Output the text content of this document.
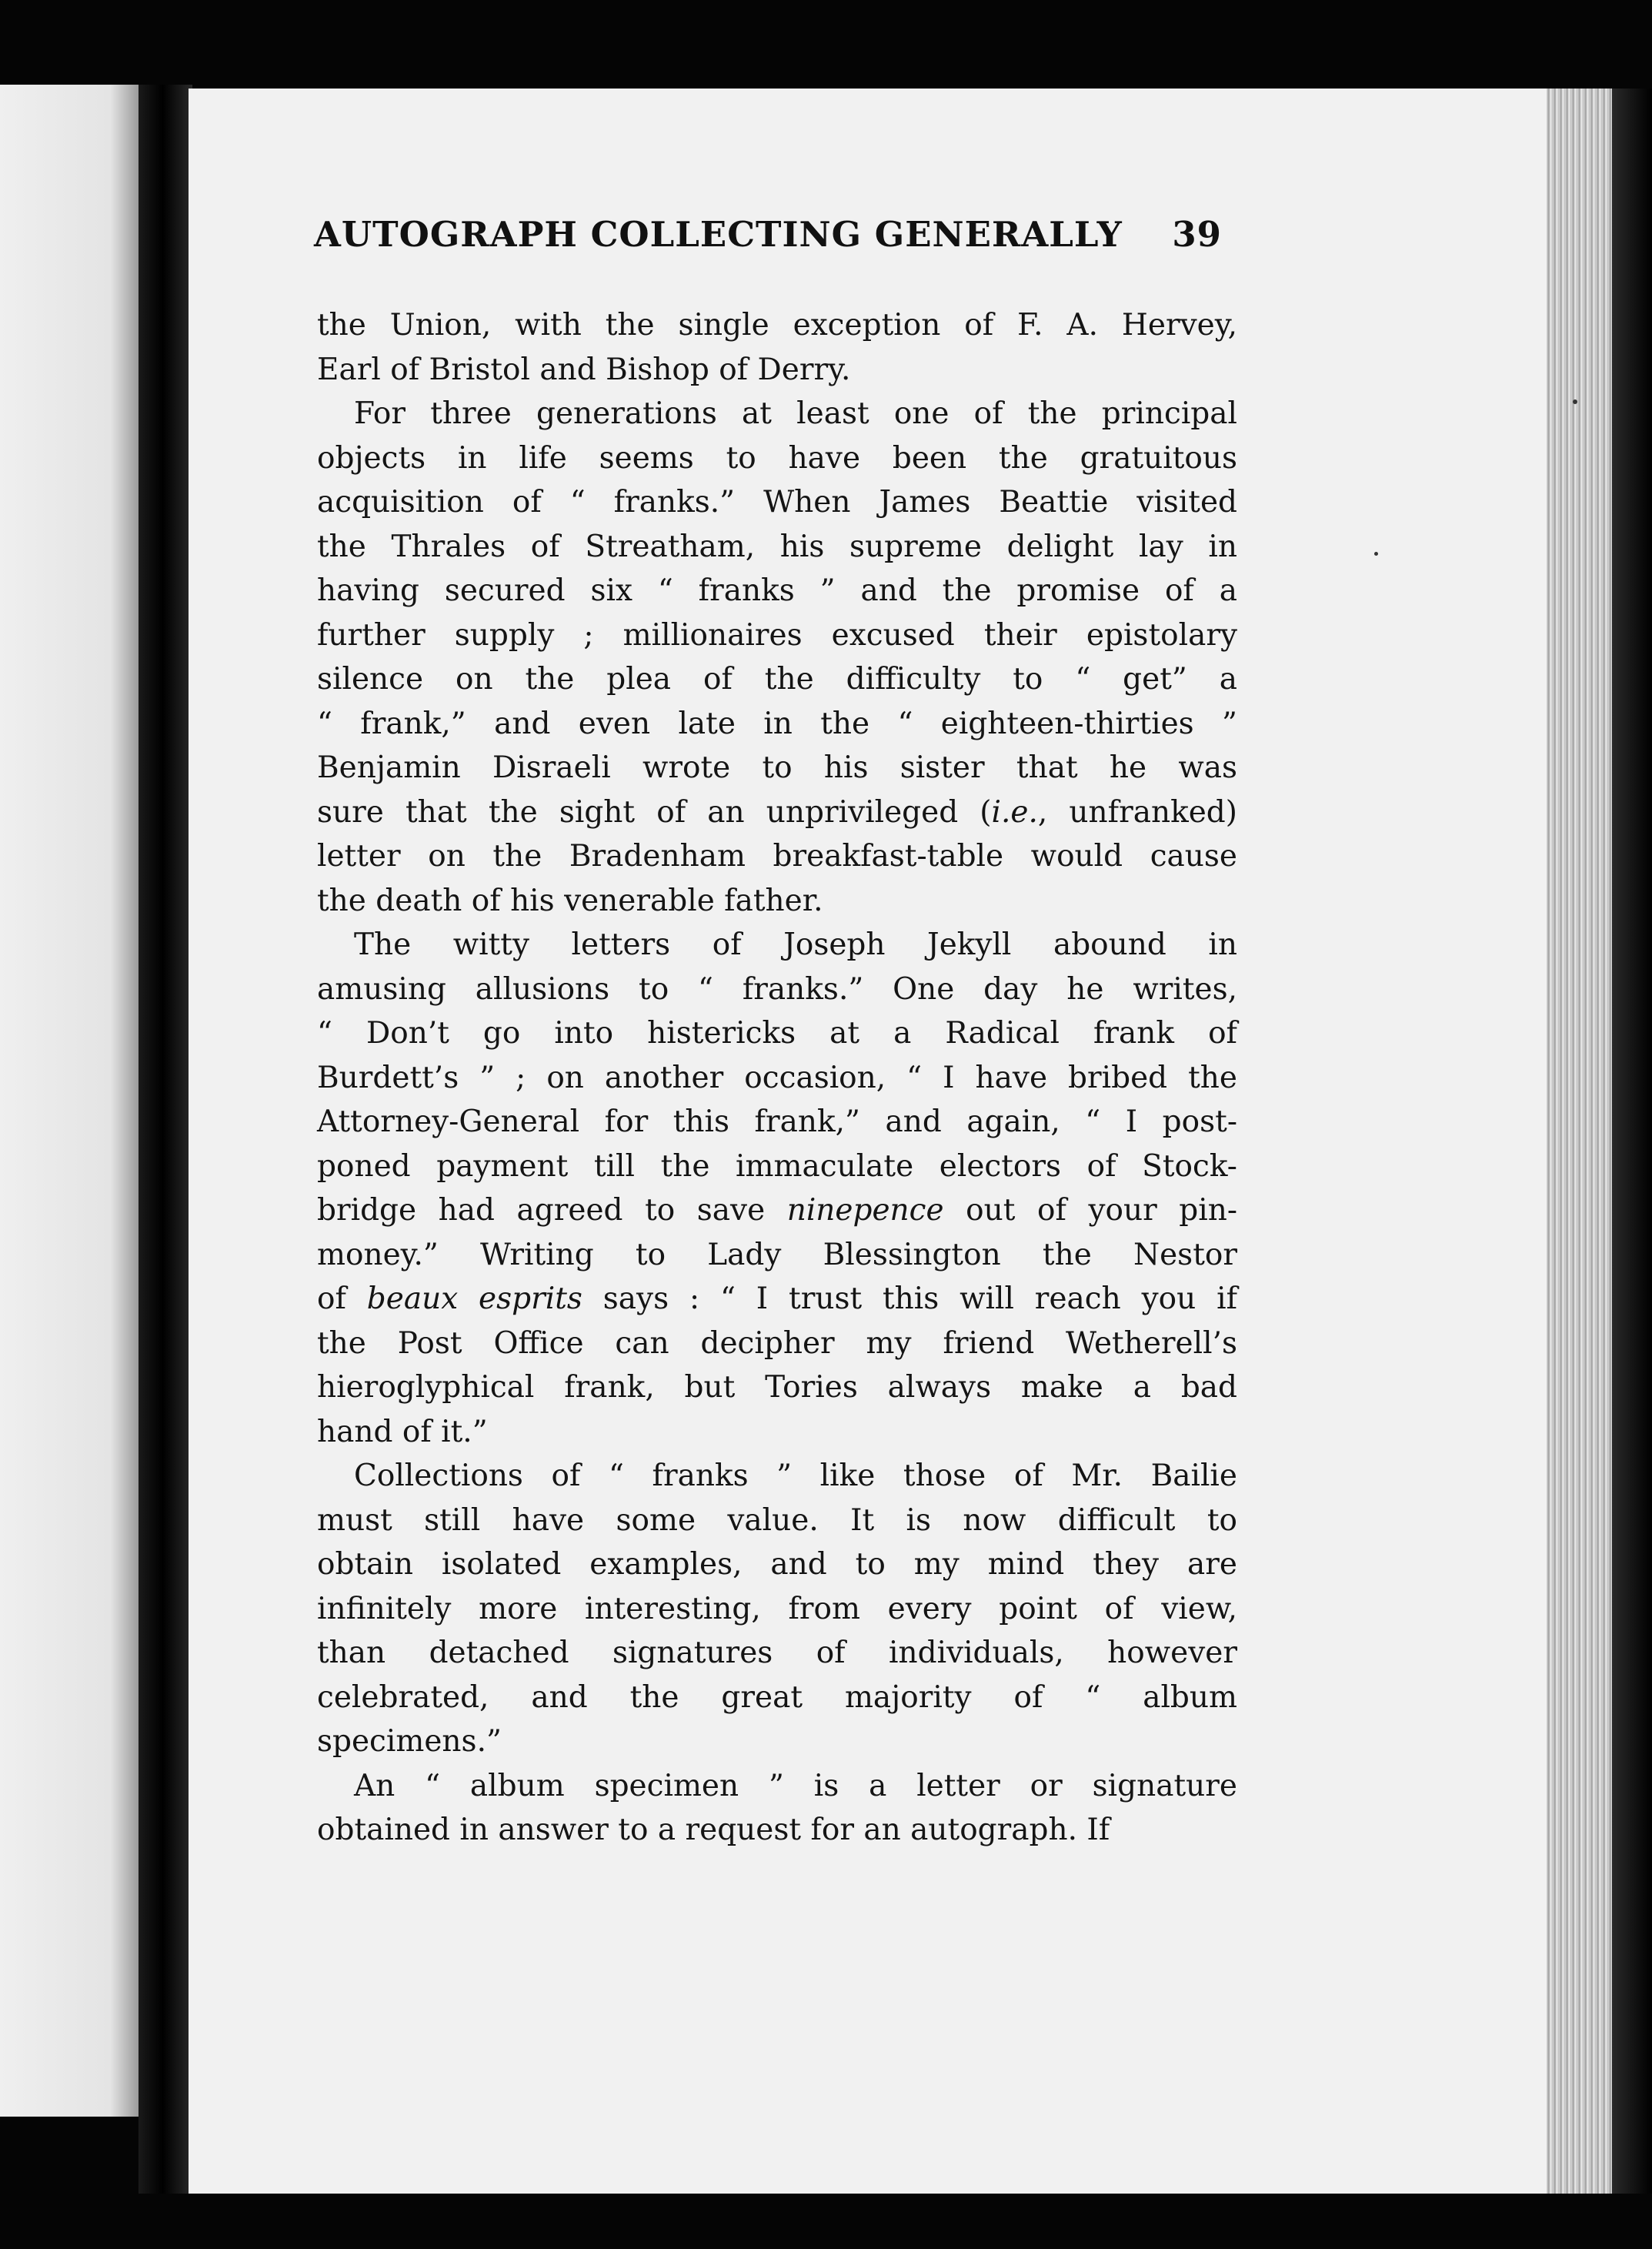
AUTOGRAPH COLLECTING GENERALLY 39
the Union, with the single exception of F. A. Hervey,
Earl of Bristol and Bishop of Derry.
For three generations at least one of the principal
objects in life seems to have been the gratuitous
acquisition of “ franks.” When James Beattie visited
the Thrales of Streatham, his supreme delight lay in
having secured six “ franks ” and the promise of a
further supply ; millionaires excused their epistolary
silence on the plea of the difficulty to “ get” a
“ frank,” and even late in the “ eighteen-thirties ”
Benjamin Disraeli wrote to his sister that he was
sure that the sight of an unprivileged (i.e., unfranked)
letter on the Bradenham breakfast-table would cause
the death of his venerable father.
The witty letters of Joseph Jekyll abound in
amusing allusions to “ franks.” One day he writes,
“ Don’t go into histericks at a Radical frank of
Burdett’s ” ; on another occasion, “ I have bribed the
Attorney-General for this frank,” and again, “ I post-
poned payment till the immaculate electors of Stock-
bridge had agreed to save ninepence out of your pin-
money.” Writing to Lady Blessington the Nestor
of beaux esprits says : “ I trust this will reach you if
the Post Office can decipher my friend Wetherell’s
hieroglyphical frank, but Tories always make a bad
hand of it.”
Collections of “ franks ” like those of Mr. Bailie
must still have some value. It is now difficult to
obtain isolated examples, and to my mind they are
infinitely more interesting, from every point of view,
than detached signatures of individuals, however
celebrated, and the great majority of “ album
specimens.”
An “ album specimen ” is a letter or signature
obtained in answer to a request for an autograph. If
